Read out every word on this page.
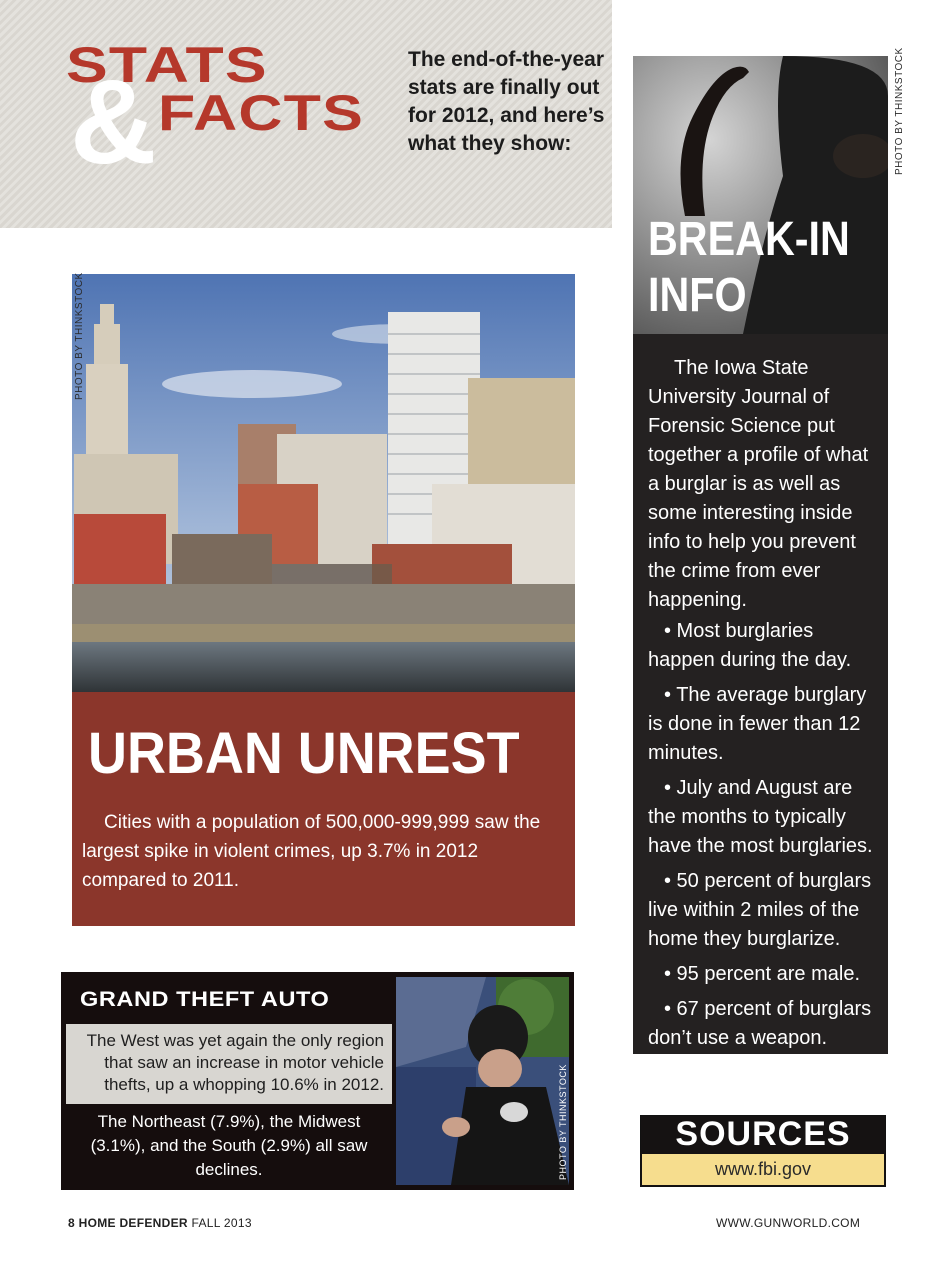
&
STATS
FACTS
The end-of-the-year stats are finally out for 2012, and here’s what they show:
URBAN UNREST
Cities with a population of 500,000-999,999 saw the largest spike in violent crimes, up 3.7% in 2012 compared to 2011.
GRAND THEFT AUTO
The West was yet again the only region that saw an increase in motor vehicle thefts, up a whopping 10.6% in 2012.
The Northeast (7.9%), the Midwest (3.1%), and the South (2.9%) all saw declines.	PHOTO BY THINKSTOCK
PHOTO BY THINKSTOCK
BREAK-IN
INFO

The Iowa State University Journal of Forensic Science put together a profile of what a burglar is as well as some interesting inside info to help you prevent the crime from ever happening.

• Most burglaries happen during the day.

• The average burglary is done in fewer than 12 minutes.

• July and August are the months to typically have the most burglaries.

• 50 percent of burglars live within 2 miles of the home they burglarize.

• 95 percent are male.

• 67 percent of burglars don’t use a weapon.

SOURCES
www.fbi.gov
8 HOME DEFENDER FALL 2013	WWW.GUNWORLD.COM
